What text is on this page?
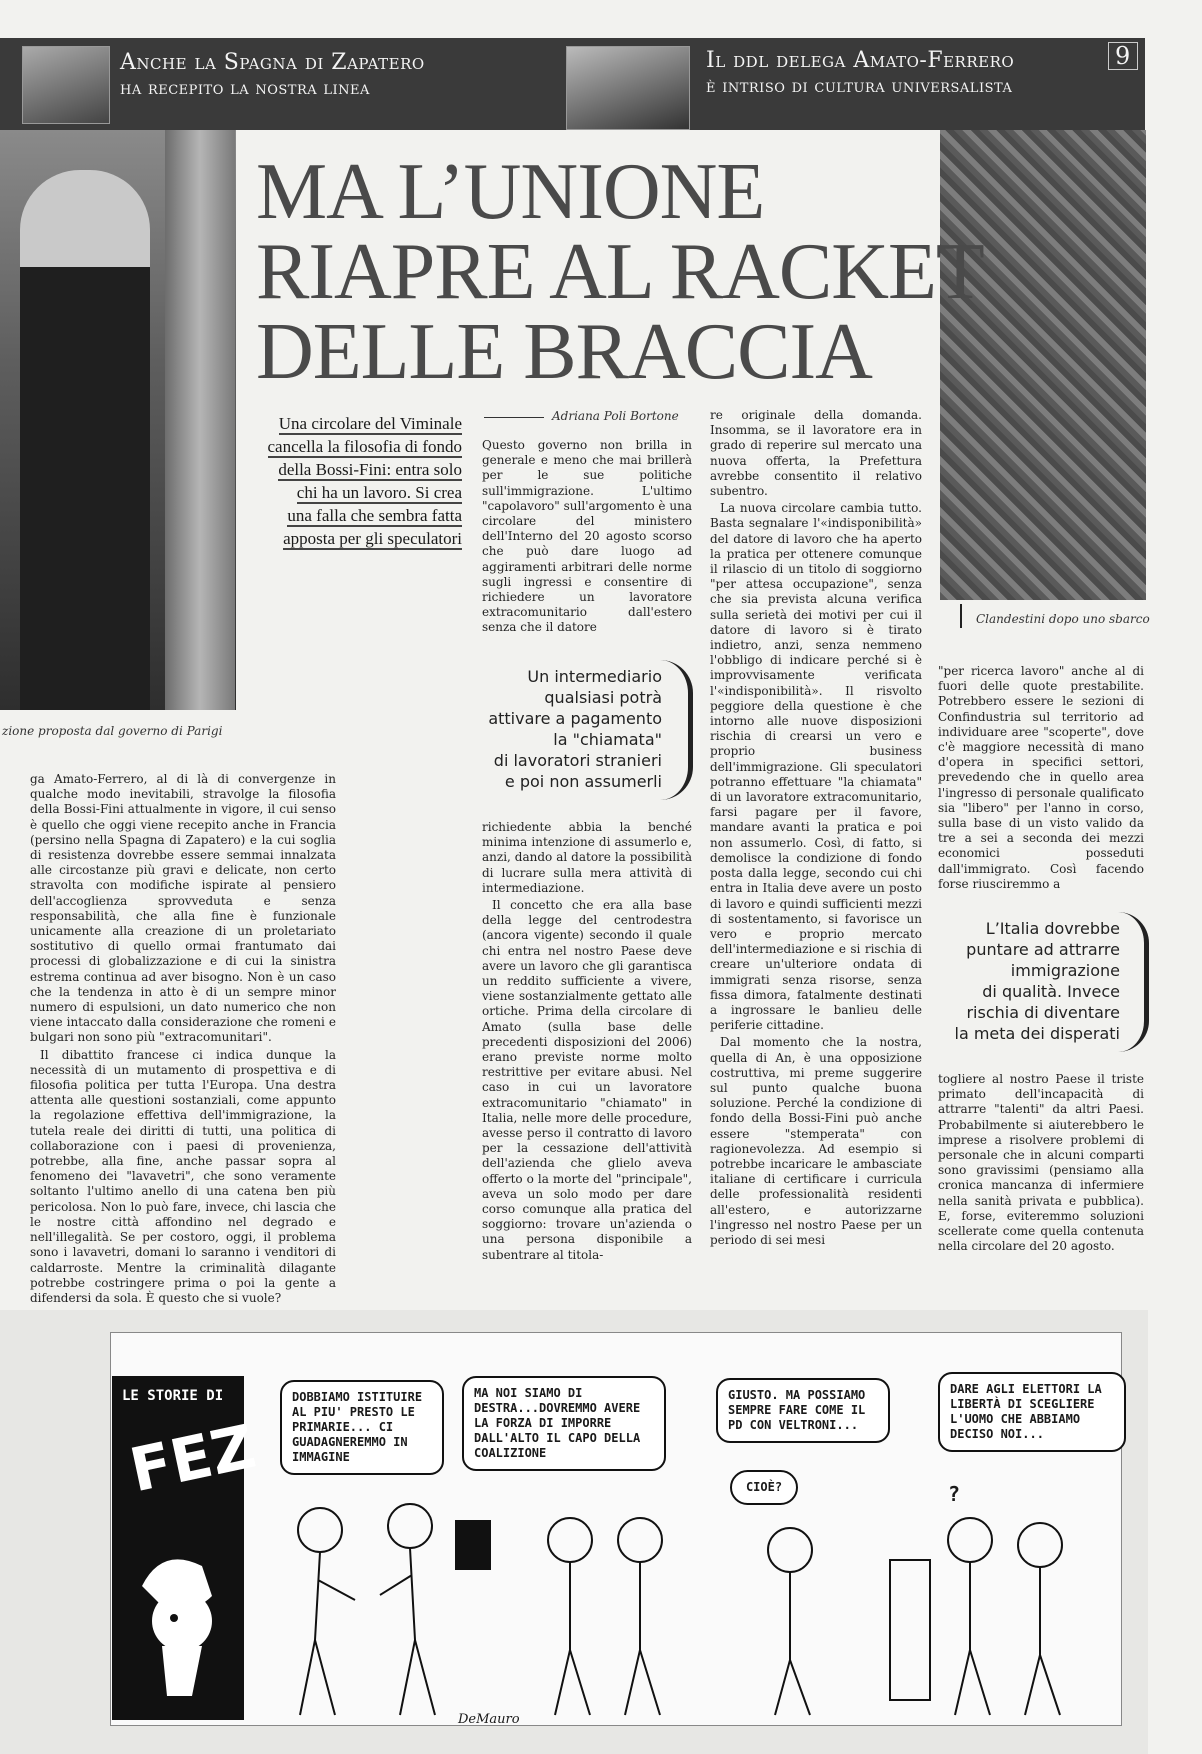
Anche la Spagna di Zapatero
ha recepito la nostra linea
Il ddl delega Amato-Ferrero
è intriso di cultura universalista
9
zione proposta dal governo di Parigi
Clandestini dopo uno sbarco
MA L’UNIONE
RIAPRE AL RACKET
DELLE BRACCIA
Una circolare del Viminale
cancella la filosofia di fondo
della Bossi-Fini: entra solo
chi ha un lavoro. Si crea
una falla che sembra fatta
apposta per gli speculatori
Adriana Poli Bortone

Questo governo non brilla in generale e meno che mai brillerà per le sue politiche sull'immigrazione. L'ultimo "capolavoro" sull'argomento è una circolare del ministero dell'Interno del 20 agosto scorso che può dare luogo ad aggiramenti arbitrari delle norme sugli ingressi e consentire di richiedere un lavoratore extracomunitario dall'estero senza che il datore

Un intermediario
qualsiasi potrà
attivare a pagamento
la "chiamata"
di lavoratori stranieri
e poi non assumerli

ga Amato-Ferrero, al di là di convergenze in qualche modo inevitabili, stravolge la filosofia della Bossi-Fini attualmente in vigore, il cui senso è quello che oggi viene recepito anche in Francia (persino nella Spagna di Zapatero) e la cui soglia di resistenza dovrebbe essere semmai innalzata alle circostanze più gravi e delicate, non certo stravolta con modifiche ispirate al pensiero dell'accoglienza sprovveduta e senza responsabilità, che alla fine è funzionale unicamente alla creazione di un proletariato sostitutivo di quello ormai frantumato dai processi di globalizzazione e di cui la sinistra estrema continua ad aver bisogno. Non è un caso che la tendenza in atto è di un sempre minor numero di espulsioni, un dato numerico che non viene intaccato dalla considerazione che romeni e bulgari non sono più "extracomunitari".

Il dibattito francese ci indica dunque la necessità di un mutamento di prospettiva e di filosofia politica per tutta l'Europa. Una destra attenta alle questioni sostanziali, come appunto la regolazione effettiva dell'immigrazione, la tutela reale dei diritti di tutti, una politica di collaborazione con i paesi di provenienza, potrebbe, alla fine, anche passar sopra al fenomeno dei "lavavetri", che sono veramente soltanto l'ultimo anello di una catena ben più pericolosa. Non lo può fare, invece, chi lascia che le nostre città affondino nel degrado e nell'illegalità. Se per costoro, oggi, il problema sono i lavavetri, domani lo saranno i venditori di caldarroste. Mentre la criminalità dilagante potrebbe costringere prima o poi la gente a difendersi da sola. È questo che si vuole?

richiedente abbia la benché minima intenzione di assumerlo e, anzi, dando al datore la possibilità di lucrare sulla mera attività di intermediazione.

Il concetto che era alla base della legge del centrodestra (ancora vigente) secondo il quale chi entra nel nostro Paese deve avere un lavoro che gli garantisca un reddito sufficiente a vivere, viene sostanzialmente gettato alle ortiche. Prima della circolare di Amato (sulla base delle precedenti disposizioni del 2006) erano previste norme molto restrittive per evitare abusi. Nel caso in cui un lavoratore extracomunitario "chiamato" in Italia, nelle more delle procedure, avesse perso il contratto di lavoro per la cessazione dell'attività dell'azienda che glielo aveva offerto o la morte del "principale", aveva un solo modo per dare corso comunque alla pratica del soggiorno: trovare un'azienda o una persona disponibile a subentrare al titola-

re originale della domanda. Insomma, se il lavoratore era in grado di reperire sul mercato una nuova offerta, la Prefettura avrebbe consentito il relativo subentro.

La nuova circolare cambia tutto. Basta segnalare l'«indisponibilità» del datore di lavoro che ha aperto la pratica per ottenere comunque il rilascio di un titolo di soggiorno "per attesa occupazione", senza che sia prevista alcuna verifica sulla serietà dei motivi per cui il datore di lavoro si è tirato indietro, anzi, senza nemmeno l'obbligo di indicare perché si è improvvisamente verificata l'«indisponibilità». Il risvolto peggiore della questione è che intorno alle nuove disposizioni rischia di crearsi un vero e proprio business dell'immigrazione. Gli speculatori potranno effettuare "la chiamata" di un lavoratore extracomunitario, farsi pagare per il favore, mandare avanti la pratica e poi non assumerlo. Così, di fatto, si demolisce la condizione di fondo posta dalla legge, secondo cui chi entra in Italia deve avere un posto di lavoro e quindi sufficienti mezzi di sostentamento, si favorisce un vero e proprio mercato dell'intermediazione e si rischia di creare un'ulteriore ondata di immigrati senza risorse, senza fissa dimora, fatalmente destinati a ingrossare le banlieu delle periferie cittadine.

Dal momento che la nostra, quella di An, è una opposizione costruttiva, mi preme suggerire sul punto qualche buona soluzione. Perché la condizione di fondo della Bossi-Fini può anche essere "stemperata" con ragionevolezza. Ad esempio si potrebbe incaricare le ambasciate italiane di certificare i curricula delle professionalità residenti all'estero, e autorizzarne l'ingresso nel nostro Paese per un periodo di sei mesi

"per ricerca lavoro" anche al di fuori delle quote prestabilite. Potrebbero essere le sezioni di Confindustria sul territorio ad individuare aree "scoperte", dove c'è maggiore necessità di mano d'opera in specifici settori, prevedendo che in quello area l'ingresso di personale qualificato sia "libero" per l'anno in corso, sulla base di un visto valido da tre a sei a seconda dei mezzi economici posseduti dall'immigrato. Così facendo forse riusciremmo a

L’Italia dovrebbe
puntare ad attrarre
immigrazione
di qualità. Invece
rischia di diventare
la meta dei disperati

togliere al nostro Paese il triste primato dell'incapacità di attrarre "talenti" da altri Paesi. Probabilmente si aiuterebbero le imprese a risolvere problemi di personale che in alcuni comparti sono gravissimi (pensiamo alla cronica mancanza di infermiere nella sanità privata e pubblica). E, forse, eviteremmo soluzioni scellerate come quella contenuta nella circolare del 20 agosto.

LE STORIE DI
FEZ
DOBBIAMO ISTITUIRE AL PIU' PRESTO LE PRIMARIE... CI GUADAGNEREMMO IN IMMAGINE
MA NOI SIAMO DI DESTRA...DOVREMMO AVERE LA FORZA DI IMPORRE DALL'ALTO IL CAPO DELLA COALIZIONE
GIUSTO. MA POSSIAMO SEMPRE FARE COME IL PD CON VELTRONI...
CIOÈ?
DARE AGLI ELETTORI LA LIBERTÀ DI SCEGLIERE L'UOMO CHE ABBIAMO DECISO NOI...
?
DeMauro
